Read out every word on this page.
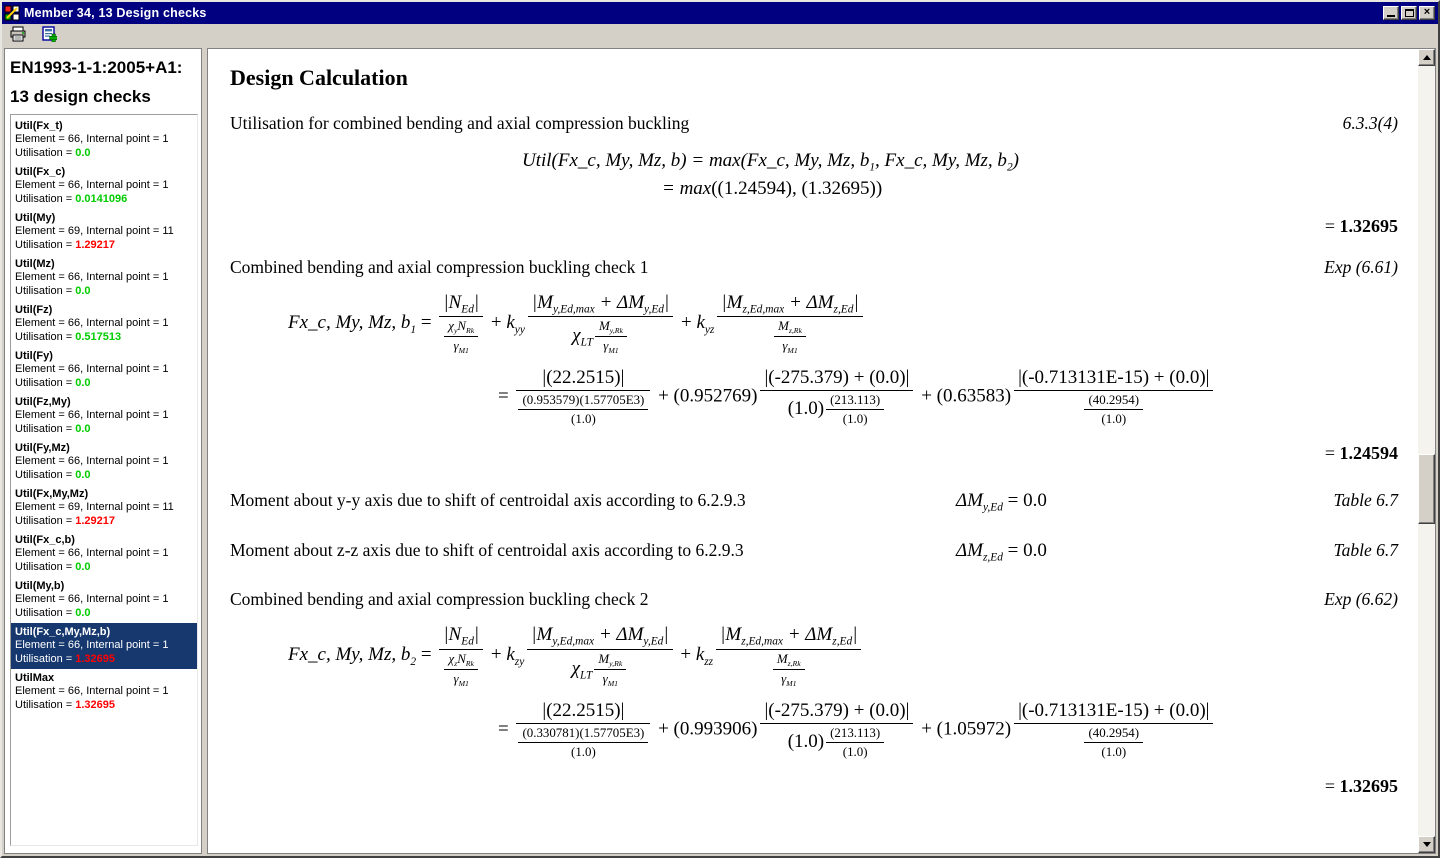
Member 34, 13 Design checks	×
EN1993-1-1:2005+A1:
13 design checks
Util(Fx_t)
Element = 66, Internal point = 1
Utilisation = 0.0
Util(Fx_c)
Element = 66, Internal point = 1
Utilisation = 0.0141096
Util(My)
Element = 69, Internal point = 11
Utilisation = 1.29217
Util(Mz)
Element = 66, Internal point = 1
Utilisation = 0.0
Util(Fz)
Element = 66, Internal point = 1
Utilisation = 0.517513
Util(Fy)
Element = 66, Internal point = 1
Utilisation = 0.0
Util(Fz,My)
Element = 66, Internal point = 1
Utilisation = 0.0
Util(Fy,Mz)
Element = 66, Internal point = 1
Utilisation = 0.0
Util(Fx,My,Mz)
Element = 69, Internal point = 11
Utilisation = 1.29217
Util(Fx_c,b)
Element = 66, Internal point = 1
Utilisation = 0.0
Util(My,b)
Element = 66, Internal point = 1
Utilisation = 0.0
Util(Fx_c,My,Mz,b)
Element = 66, Internal point = 1
Utilisation = 1.32695
UtilMax
Element = 66, Internal point = 1
Utilisation = 1.32695
Design Calculation
Utilisation for combined bending and axial compression buckling	6.3.3(4)
Util(Fx_c, My, Mz, b) = max(Fx_c, My, Mz, $b_1$, Fx_c, My, Mz, $b_2$)
= max((1.24594), (1.32695))
= 1.32695
Combined bending and axial compression buckling check 1	Exp (6.61)
Fx_c, My, Mz, $b_1 = \frac{|N_{Ed}|}{\frac{\chi_yN_{Rk}}{\gamma_{M1}}} + k_{yy} \frac{|M_{y,Ed,max} + \Delta M_{y,Ed}|}{\chi_{LT} \frac{M_{y,Rk}}{\gamma_{M1}}} + k_{yz} \frac{|M_{z,Ed,max} + \Delta M_{z,Ed}|}{\frac{M_{z,Rk}}{\gamma_{M1}}}$
= $\frac{|(22.2515)|}{\frac{(0.953579)(1.57705E3)}{(1.0)}} + (0.952769) \frac{|(-275.379) + (0.0)|}{(1.0) \frac{(213.113)}{(1.0)}} + (0.63583) \frac{|(-0.713131E-15) + (0.0)|}{\frac{(40.2954)}{(1.0)}}$
= 1.24594
Moment about y-y axis due to shift of centroidal axis according to 6.2.9.3	$\Delta M_{y,Ed} = 0.0$	Table 6.7
Moment about z-z axis due to shift of centroidal axis according to 6.2.9.3	$\Delta M_{z,Ed} = 0.0$	Table 6.7
Combined bending and axial compression buckling check 2	Exp (6.62)
Fx_c, My, Mz, $b_2 = \frac{|N_{Ed}|}{\frac{\chi_zN_{Rk}}{\gamma_{M1}}} + k_{zy} \frac{|M_{y,Ed,max} + \Delta M_{y,Ed}|}{\chi_{LT} \frac{M_{y,Rk}}{\gamma_{M1}}} + k_{zz} \frac{|M_{z,Ed,max} + \Delta M_{z,Ed}|}{\frac{M_{z,Rk}}{\gamma_{M1}}}$
= $\frac{|(22.2515)|}{\frac{(0.330781)(1.57705E3)}{(1.0)}} + (0.993906) \frac{|(-275.379) + (0.0)|}{(1.0) \frac{(213.113)}{(1.0)}} + (1.05972) \frac{|(-0.713131E-15) + (0.0)|}{\frac{(40.2954)}{(1.0)}}$
= 1.32695
